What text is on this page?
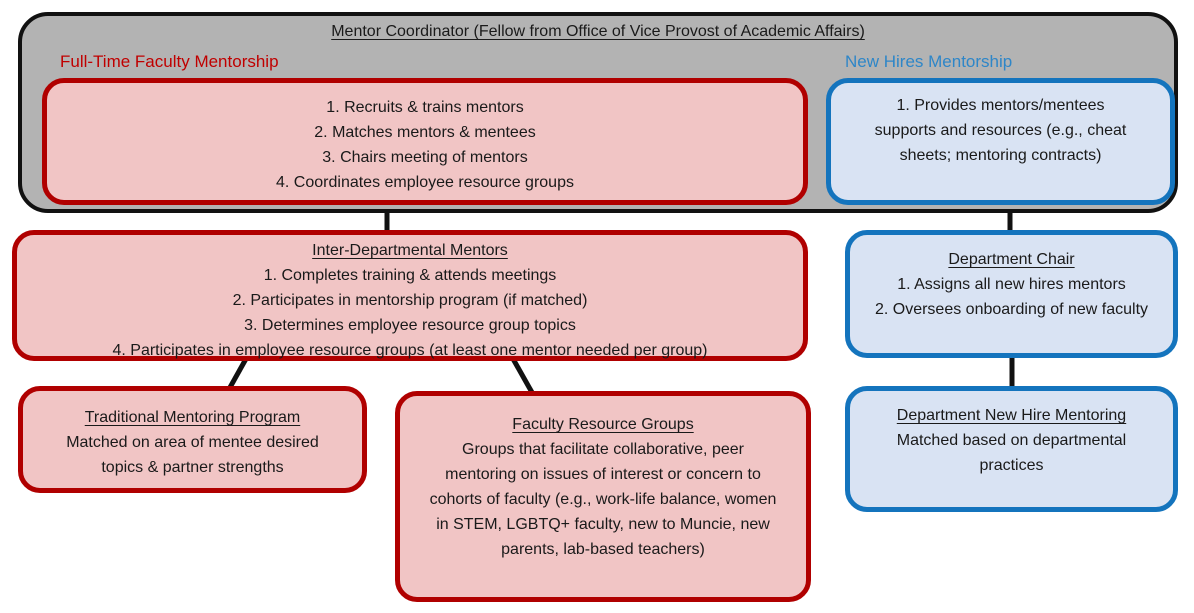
Mentor Coordinator (Fellow from Office of Vice Provost of Academic Affairs)
Full-Time Faculty Mentorship	New Hires Mentorship
1. Recruits & trains mentors
2. Matches mentors & mentees
3. Chairs meeting of mentors
4. Coordinates employee resource groups
1. Provides mentors/mentees supports and resources (e.g., cheat sheets; mentoring contracts)
Inter-Departmental Mentors
1. Completes training & attends meetings
2. Participates in mentorship program (if matched)
3. Determines employee resource group topics
4. Participates in employee resource groups (at least one mentor needed per group)
Department Chair
1. Assigns all new hires mentors
2. Oversees onboarding of new faculty
Traditional Mentoring Program
Matched on area of mentee desired topics & partner strengths
Faculty Resource Groups
Groups that facilitate collaborative, peer mentoring on issues of interest or concern to cohorts of faculty (e.g., work-life balance, women in STEM, LGBTQ+ faculty, new to Muncie, new parents, lab-based teachers)
Department New Hire Mentoring
Matched based on departmental practices
